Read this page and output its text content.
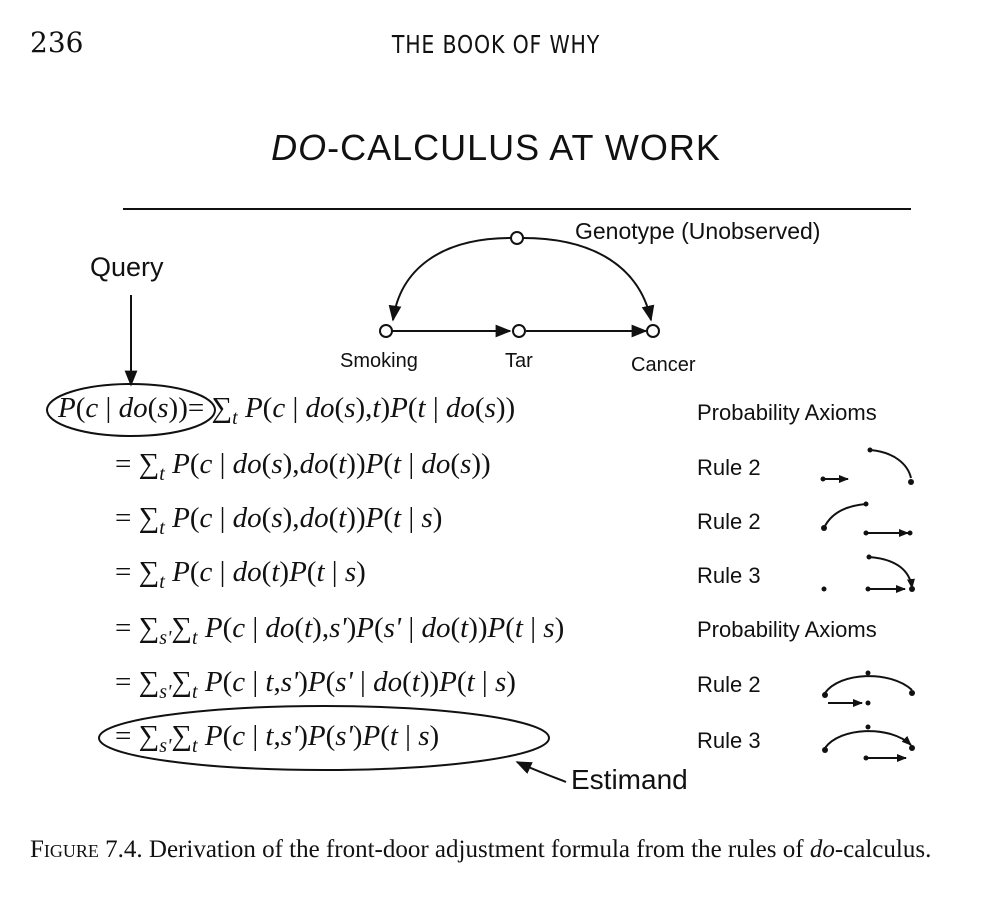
236	THE BOOK OF WHY
DO-CALCULUS AT WORK
Query
Genotype (Unobserved)
Smoking	Tar	Cancer
P(c | $do(s))= \sum_t$ P(c | do(s),t)P(t | do(s))
= $\sum_t$ P(c | do(s),do(t))P(t | do(s))
= $\sum_t$ P(c | do(s),do(t))P(t | s)
= $\sum_t$ P(c | do(t)P(t | s)
= $\sum_{s'}\sum_t$ P(c | do(t),s')P(s' | do(t))P(t | s)
= $\sum_{s'}\sum_t$ P(c | t,s')P(s' | do(t))P(t | s)
= $\sum_{s'}\sum_t$ P(c | t,s')P(s')P(t | s)
Probability Axioms
Rule 2
Rule 2
Rule 3
Probability Axioms
Rule 2
Rule 3
Estimand
Figure 7.4. Derivation of the front-door adjustment formula from the rules of do-calculus.
